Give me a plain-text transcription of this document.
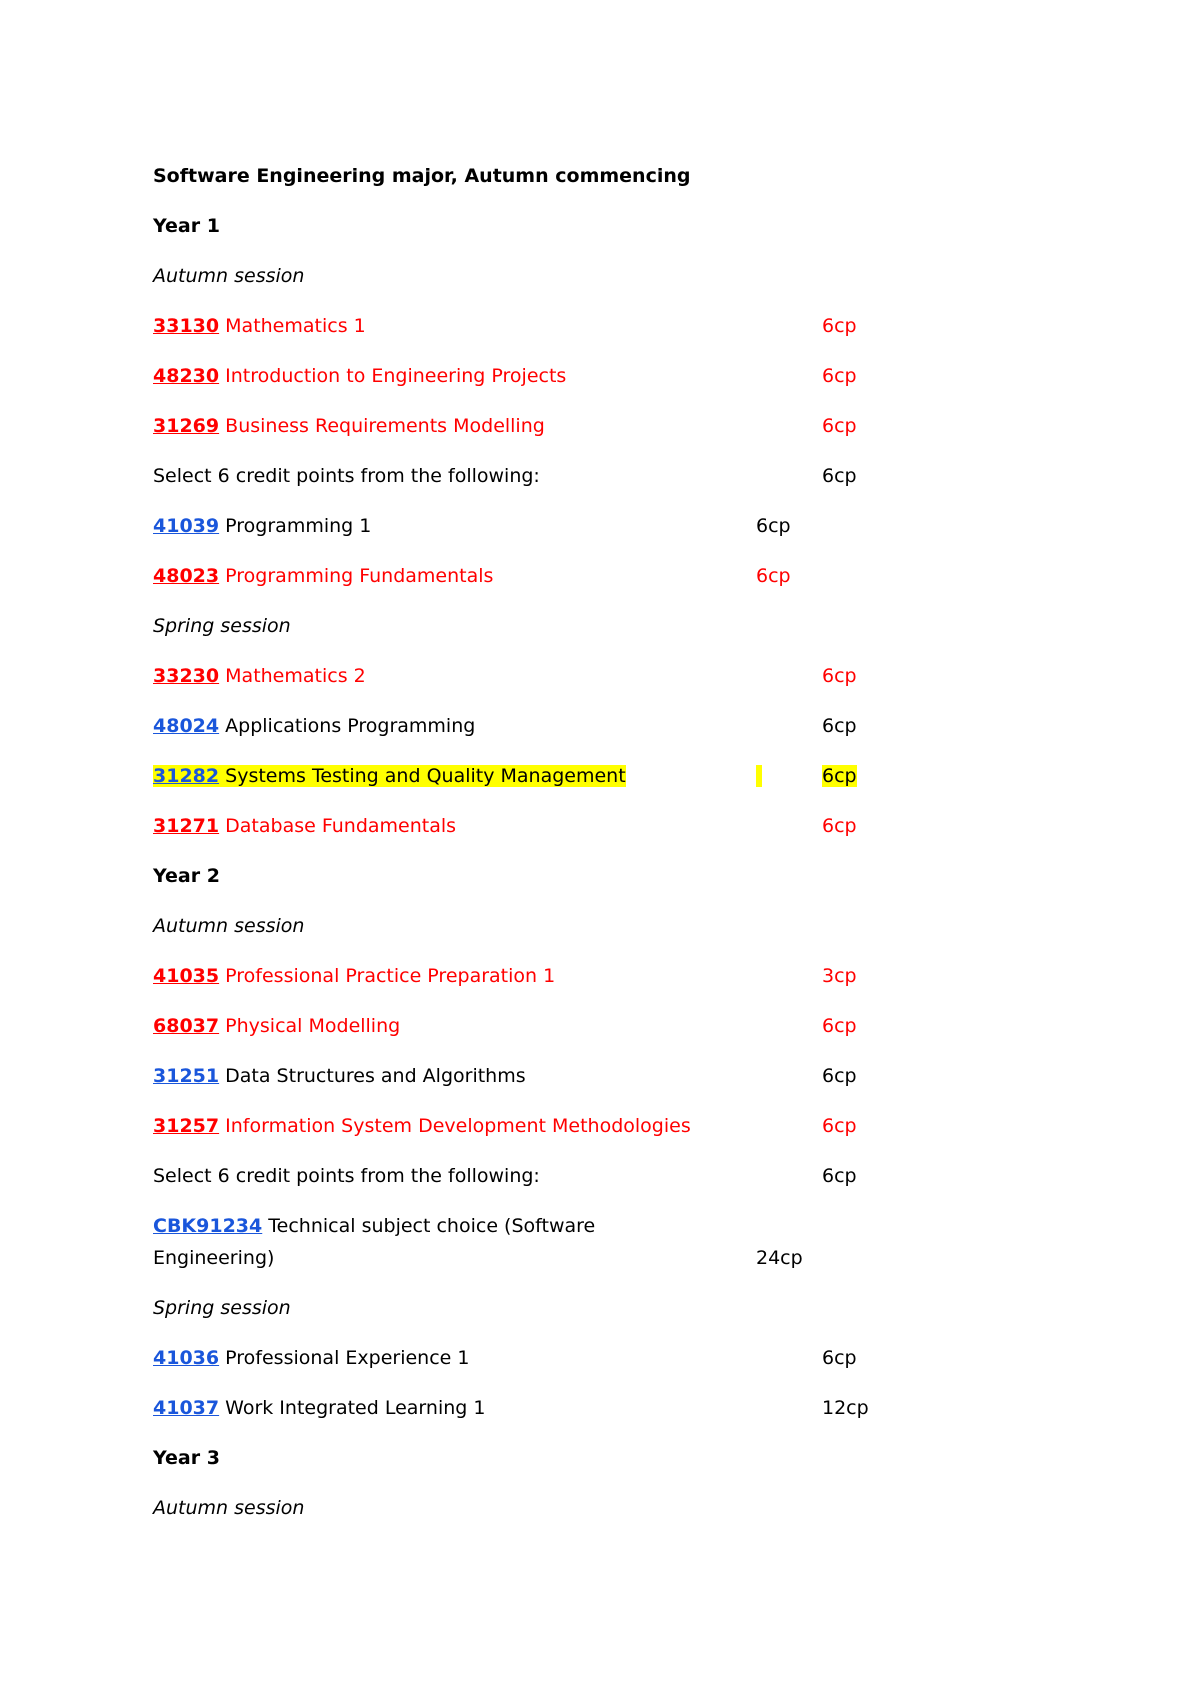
Software Engineering major, Autumn commencing
Year 1
Autumn session
33130 Mathematics 1	6cp
48230 Introduction to Engineering Projects	6cp
31269 Business Requirements Modelling	6cp
Select 6 credit points from the following:	6cp
41039 Programming 1	6cp
48023 Programming Fundamentals	6cp
Spring session
33230 Mathematics 2	6cp
48024 Applications Programming	6cp
31282 Systems Testing and Quality Management	6cp
31271 Database Fundamentals	6cp
Year 2
Autumn session
41035 Professional Practice Preparation 1	3cp
68037 Physical Modelling	6cp
31251 Data Structures and Algorithms	6cp
31257 Information System Development Methodologies	6cp
Select 6 credit points from the following:	6cp
CBK91234 Technical subject choice (Software
Engineering)	24cp
Spring session
41036 Professional Experience 1	6cp
41037 Work Integrated Learning 1	12cp
Year 3
Autumn session
